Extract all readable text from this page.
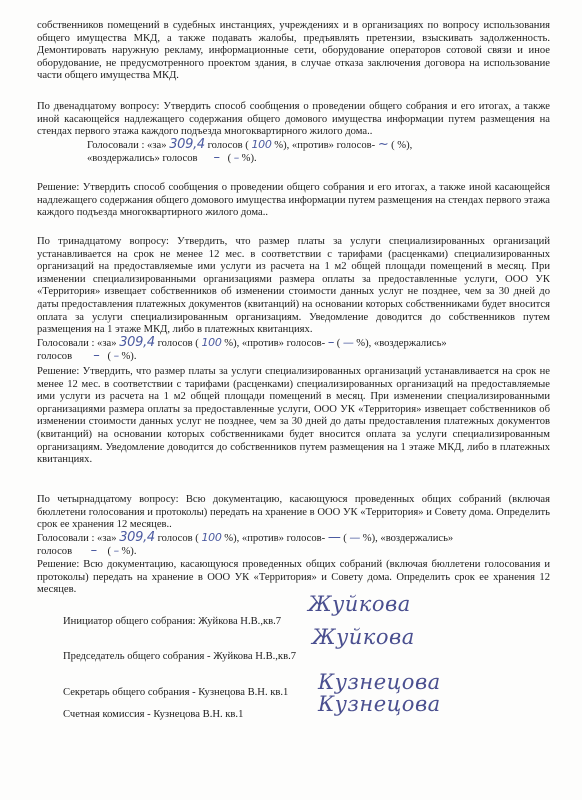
собственников помещений в судебных инстанциях, учреждениях и в организациях по вопросу использования общего имущества МКД, а также подавать жалобы, предъявлять претензии, взыскивать задолженность. Демонтировать наружную рекламу, информационные сети, оборудование операторов сотовой связи и иное оборудование, не предусмотренного проектом здания, в случае отказа заключения договора на использование части общего имущества МКД.

По двенадцатому вопросу: Утвердить способ сообщения о проведении общего собрания и его итогах, а также иной касающейся надлежащего содержания общего домового имущества информации путем размещения на стендах первого этажа каждого подъезда многоквартирного жилого дома..

Голосовали : «за» 309,4 голосов ( 100 %), «против» голосов- ~ ( %),
«воздержались» голосов – ( – %).

Решение: Утвердить способ сообщения о проведении общего собрания и его итогах, а также иной касающейся надлежащего содержания общего домового имущества информации путем размещения на стендах первого этажа каждого подъезда многоквартирного жилого дома..

По тринадцатому вопросу: Утвердить, что размер платы за услуги специализированных организаций устанавливается на срок не менее 12 мес. в соответствии с тарифами (расценками) специализированных организаций на предоставляемые ими услуги из расчета на 1 м2 общей площади помещений в месяц. При изменении специализированными организациями размера оплаты за предоставленные услуги, ООО УК «Территория» извещает собственников об изменении стоимости данных услуг не позднее, чем за 30 дней до даты предоставления платежных документов (квитанций) на основании которых собственниками будет вносится оплата за услуги специализированным организациям. Уведомление доводится до собственников путем размещения на 1 этаже МКД, либо в платежных квитанциях.

Голосовали : «за» 309,4 голосов ( 100 %), «против» голосов- – ( — %), «воздержались»
голосов – ( – %).

Решение: Утвердить, что размер платы за услуги специализированных организаций устанавливается на срок не менее 12 мес. в соответствии с тарифами (расценками) специализированных организаций на предоставляемые ими услуги из расчета на 1 м2 общей площади помещений в месяц. При изменении специализированными организациями размера оплаты за предоставленные услуги, ООО УК «Территория» извещает собственников об изменении стоимости данных услуг не позднее, чем за 30 дней до даты предоставления платежных документов (квитанций) на основании которых собственниками будет вносится оплата за услуги специализированным организациям. Уведомление доводится до собственников путем размещения на 1 этаже МКД, либо в платежных квитанциях.

По четырнадцатому вопросу: Всю документацию, касающуюся проведенных общих собраний (включая бюллетени голосования и протоколы) передать на хранение в ООО УК «Территория» и Совету дома. Определить срок ее хранения 12 месяцев..

Голосовали : «за» 309,4 голосов ( 100 %), «против» голосов- — ( — %), «воздержались»
голосов – ( – %).

Решение: Всю документацию, касающуюся проведенных общих собраний (включая бюллетени голосования и протоколы) передать на хранение в ООО УК «Территория» и Совету дома. Определить срок ее хранения 12 месяцев.

Инициатор общего собрания: Жуйкова Н.В.,кв.7
Жуйкова
Председатель общего собрания - Жуйкова Н.В.,кв.7
Жуйкова
Секретарь общего собрания - Кузнецова В.Н. кв.1 Кузнецова
Счетная комиссия - Кузнецова В.Н. кв.1	Кузнецова
